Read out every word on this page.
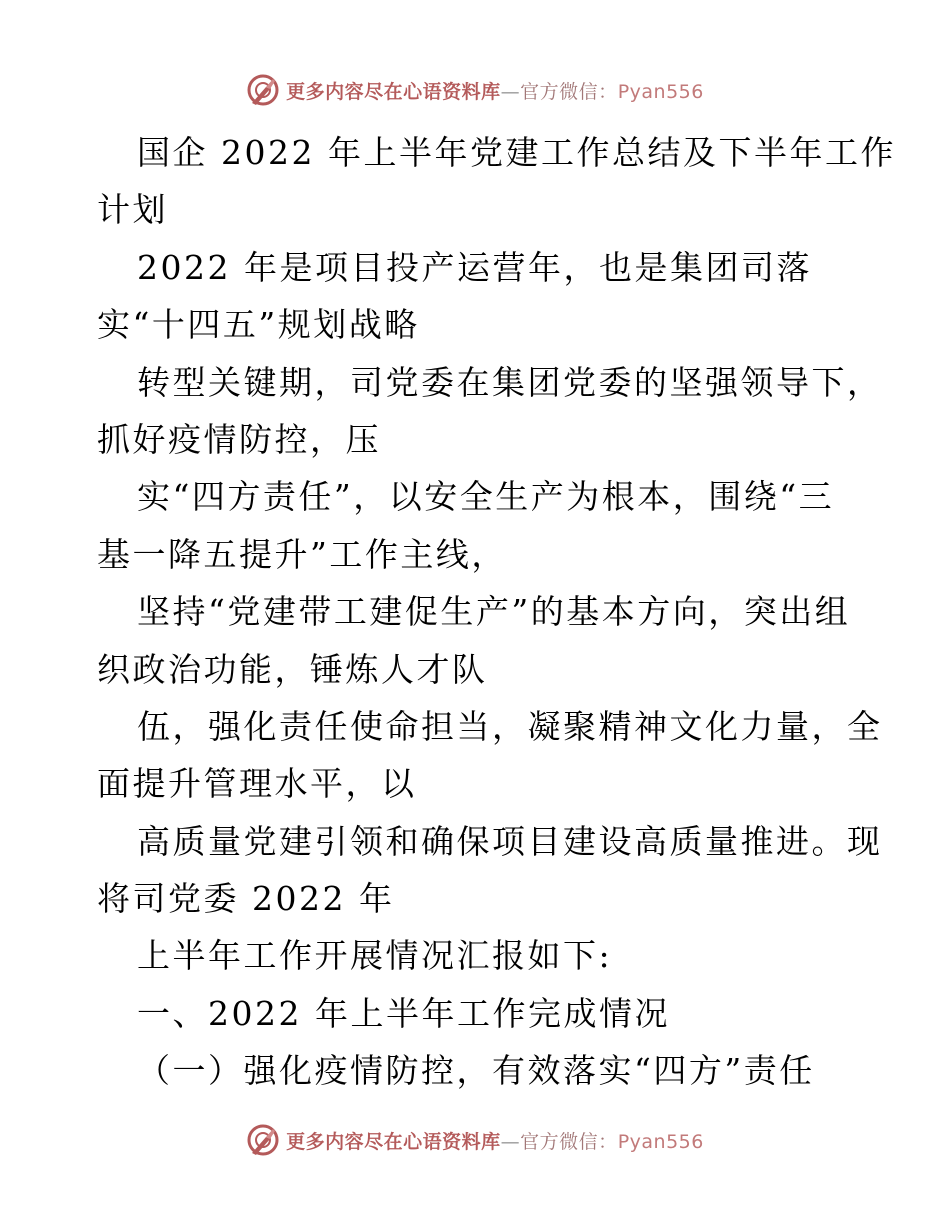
更多内容尽在心语资料库—官方微信：Pyan556
国企 2022 年上半年党建工作总结及下半年工作
计划
2022 年是项目投产运营年，也是集团司落
实“十四五”规划战略
转型关键期，司党委在集团党委的坚强领导下，
抓好疫情防控，压
实“四方责任”，以安全生产为根本，围绕“三
基一降五提升”工作主线，
坚持“党建带工建促生产”的基本方向，突出组
织政治功能，锤炼人才队
伍，强化责任使命担当，凝聚精神文化力量，全
面提升管理水平，以
高质量党建引领和确保项目建设高质量推进。现
将司党委 2022 年
上半年工作开展情况汇报如下:
一、2022 年上半年工作完成情况
（一）强化疫情防控，有效落实“四方”责任
更多内容尽在心语资料库—官方微信：Pyan556
